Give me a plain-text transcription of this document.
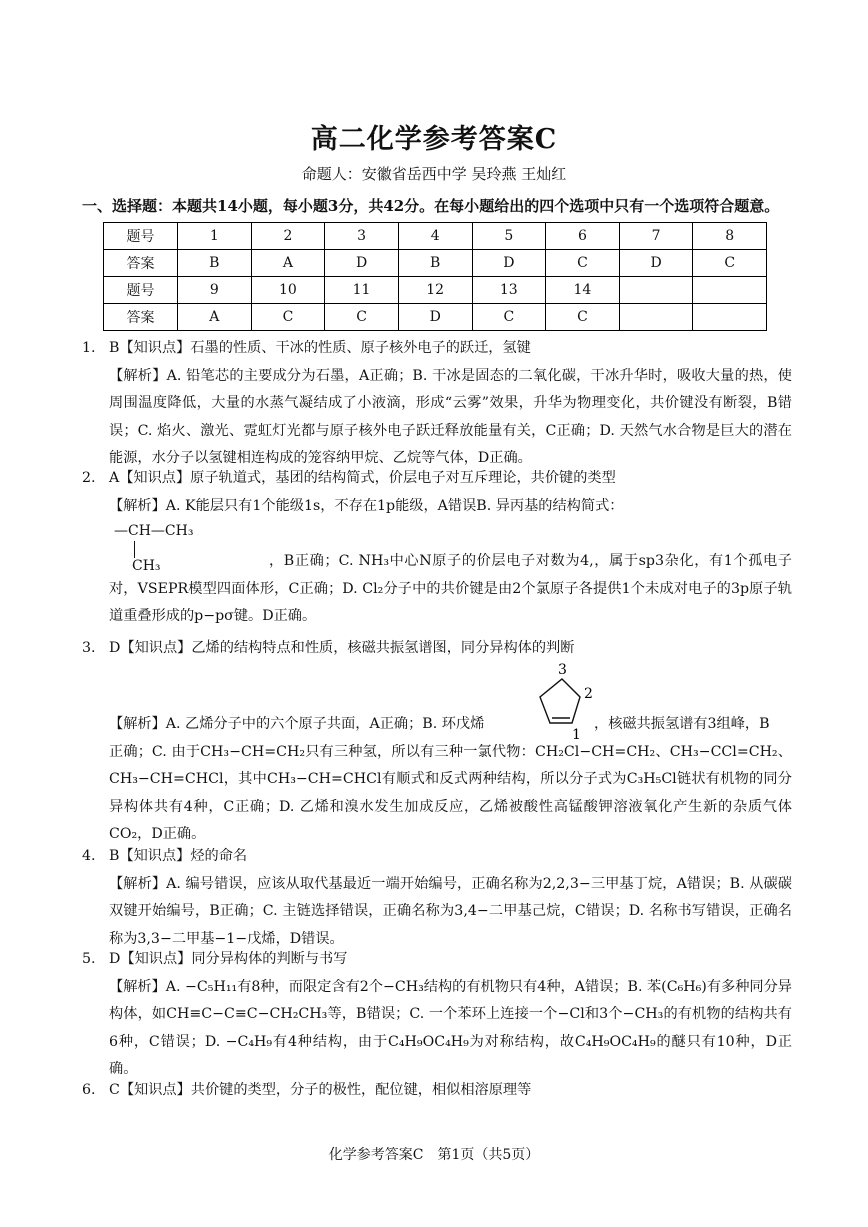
高二化学参考答案C
命题人：安徽省岳西中学 吴玲燕 王灿红
一、选择题：本题共14小题，每小题3分，共42分。在每小题给出的四个选项中只有一个选项符合题意。
题号	1	2	3	4	5	6	7	8
答案	B	A	D	B	D	C	D	C
题号	9	10	11	12	13	14		
答案	A	C	C	D	C	C		
1. B【知识点】石墨的性质、干冰的性质、原子核外电子的跃迁，氢键
【解析】A. 铅笔芯的主要成分为石墨，A正确；B. 干冰是固态的二氧化碳，干冰升华时，吸收大量的热，使周围温度降低，大量的水蒸气凝结成了小液滴，形成“云雾”效果，升华为物理变化，共价键没有断裂，B错误；C. 焰火、激光、霓虹灯光都与原子核外电子跃迁释放能量有关，C正确；D. 天然气水合物是巨大的潜在能源，水分子以氢键相连构成的笼容纳甲烷、乙烷等气体，D正确。
2. A【知识点】原子轨道式，基团的结构简式，价层电子对互斥理论，共价键的类型
【解析】A. K能层只有1个能级1s，不存在1p能级，A错误B. 异丙基的结构简式：
—CH—CH₃
CH₃	，B正确；C. NH₃中心N原子的价层电子对数为4,，属于sp3杂化，有1个孤电子对，VSEPR模型四面体形，C正确；D. Cl₂分子中的共价键是由2个氯原子各提供1个未成对电子的3p原子轨道重叠形成的p−pσ键。D正确。
3. D【知识点】乙烯的结构特点和性质，核磁共振氢谱图，同分异构体的判断
3
2
1
【解析】A. 乙烯分子中的六个原子共面，A正确；B. 环戊烯	，核磁共振氢谱有3组峰，B
正确；C. 由于CH₃−CH=CH₂只有三种氢，所以有三种一氯代物：CH₂Cl−CH=CH₂、CH₃−CCl=CH₂、CH₃−CH=CHCl，其中CH₃−CH=CHCl有顺式和反式两种结构，所以分子式为C₃H₅Cl链状有机物的同分异构体共有4种，C正确；D. 乙烯和溴水发生加成反应，乙烯被酸性高锰酸钾溶液氧化产生新的杂质气体CO₂，D正确。
4. B【知识点】烃的命名
【解析】A. 编号错误，应该从取代基最近一端开始编号，正确名称为2,2,3−三甲基丁烷，A错误；B. 从碳碳双键开始编号，B正确；C. 主链选择错误，正确名称为3,4−二甲基己烷，C错误；D. 名称书写错误，正确名称为3,3−二甲基−1−戊烯，D错误。
5. D【知识点】同分异构体的判断与书写
【解析】A. −C₅H₁₁有8种，而限定含有2个−CH₃结构的有机物只有4种，A错误；B. 苯(C₆H₆)有多种同分异构体，如CH≡C−C≡C−CH₂CH₃等，B错误；C. 一个苯环上连接一个−Cl和3个−CH₃的有机物的结构共有6种，C错误；D. −C₄H₉有4种结构，由于C₄H₉OC₄H₉为对称结构，故C₄H₉OC₄H₉的醚只有10种，D正确。
6. C【知识点】共价键的类型，分子的极性，配位键，相似相溶原理等
化学参考答案C　第1页（共5页）
